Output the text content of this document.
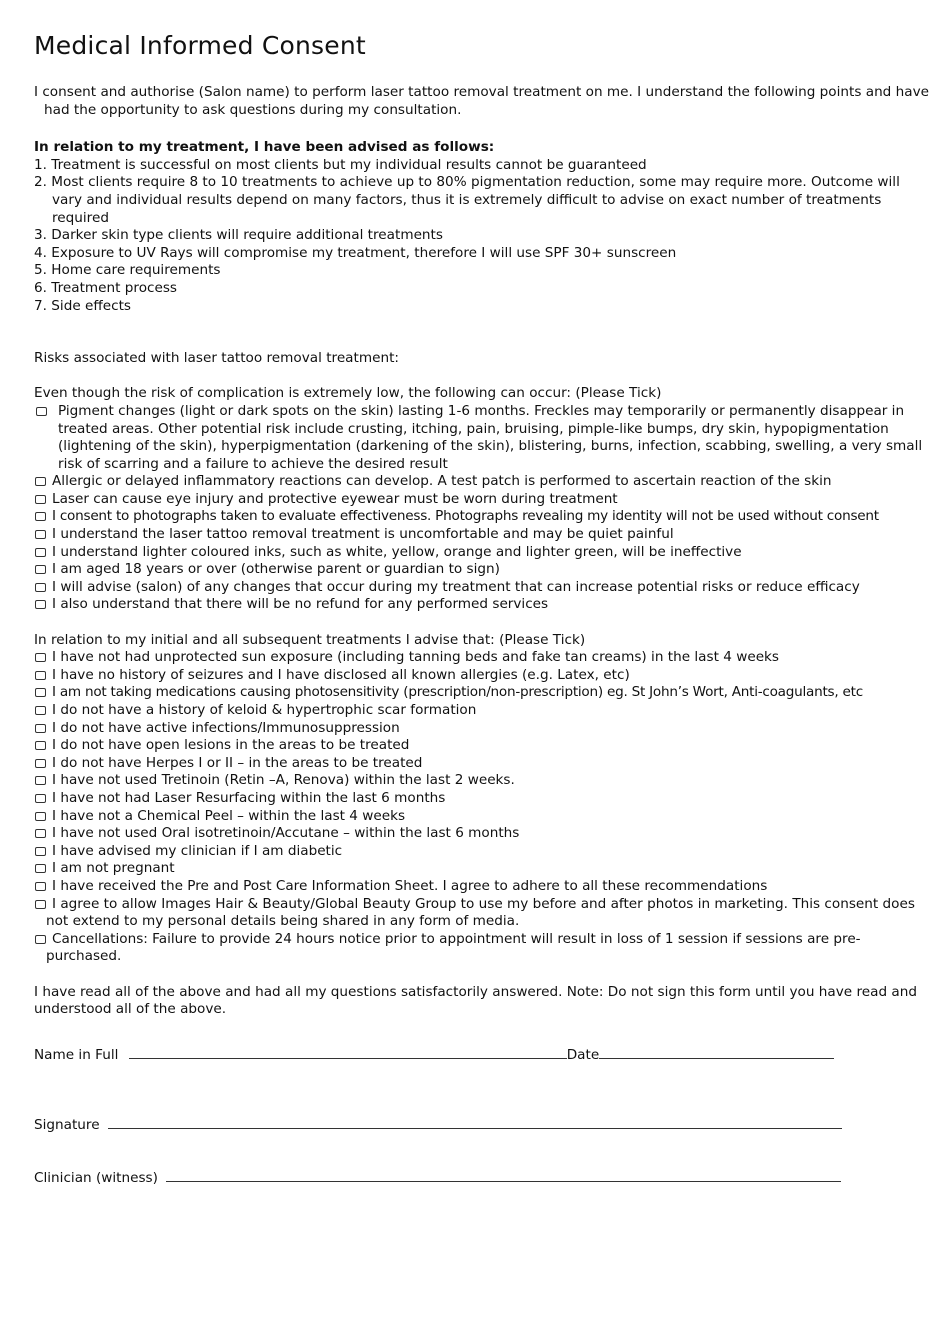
Medical Informed Consent

I consent and authorise (Salon name) to perform laser tattoo removal treatment on me. I understand the following points and have had the opportunity to ask questions during my consultation.

In relation to my treatment, I have been advised as follows:

1. Treatment is successful on most clients but my individual results cannot be guaranteed
2. Most clients require 8 to 10 treatments to achieve up to 80% pigmentation reduction, some may require more. Outcome will vary and individual results depend on many factors, thus it is extremely difficult to advise on exact number of treatments required
3. Darker skin type clients will require additional treatments
4. Exposure to UV Rays will compromise my treatment, therefore I will use SPF 30+ sunscreen
5. Home care requirements
6. Treatment process
7. Side effects

Risks associated with laser tattoo removal treatment:

Even though the risk of complication is extremely low, the following can occur: (Please Tick)

Pigment changes (light or dark spots on the skin) lasting 1-6 months. Freckles may temporarily or permanently disappear in treated areas. Other potential risk include crusting, itching, pain, bruising, pimple-like bumps, dry skin, hypopigmentation (lightening of the skin), hyperpigmentation (darkening of the skin), blistering, burns, infection, scabbing, swelling, a very small risk of scarring and a failure to achieve the desired result
Allergic or delayed inflammatory reactions can develop. A test patch is performed to ascertain reaction of the skin
Laser can cause eye injury and protective eyewear must be worn during treatment
I consent to photographs taken to evaluate effectiveness. Photographs revealing my identity will not be used without consent
I understand the laser tattoo removal treatment is uncomfortable and may be quiet painful
I understand lighter coloured inks, such as white, yellow, orange and lighter green, will be ineffective
I am aged 18 years or over (otherwise parent or guardian to sign)
I will advise (salon) of any changes that occur during my treatment that can increase potential risks or reduce efficacy
I also understand that there will be no refund for any performed services

In relation to my initial and all subsequent treatments I advise that: (Please Tick)

I have not had unprotected sun exposure (including tanning beds and fake tan creams) in the last 4 weeks
I have no history of seizures and I have disclosed all known allergies (e.g. Latex, etc)
I am not taking medications causing photosensitivity (prescription/non-prescription) eg. St John’s Wort, Anti-coagulants, etc
I do not have a history of keloid & hypertrophic scar formation
I do not have active infections/Immunosuppression
I do not have open lesions in the areas to be treated
I do not have Herpes I or II – in the areas to be treated
I have not used Tretinoin (Retin –A, Renova) within the last 2 weeks.
I have not had Laser Resurfacing within the last 6 months
I have not a Chemical Peel – within the last 4 weeks
I have not used Oral isotretinoin/Accutane – within the last 6 months
I have advised my clinician if I am diabetic
I am not pregnant
I have received the Pre and Post Care Information Sheet. I agree to adhere to all these recommendations
I agree to allow Images Hair & Beauty/Global Beauty Group to use my before and after photos in marketing. This consent does not extend to my personal details being shared in any form of media.
Cancellations: Failure to provide 24 hours notice prior to appointment will result in loss of 1 session if sessions are pre-purchased.

I have read all of the above and had all my questions satisfactorily answered. Note: Do not sign this form until you have read and understood all of the above.

Name in Full	Date
Signature
Clinician (witness)
